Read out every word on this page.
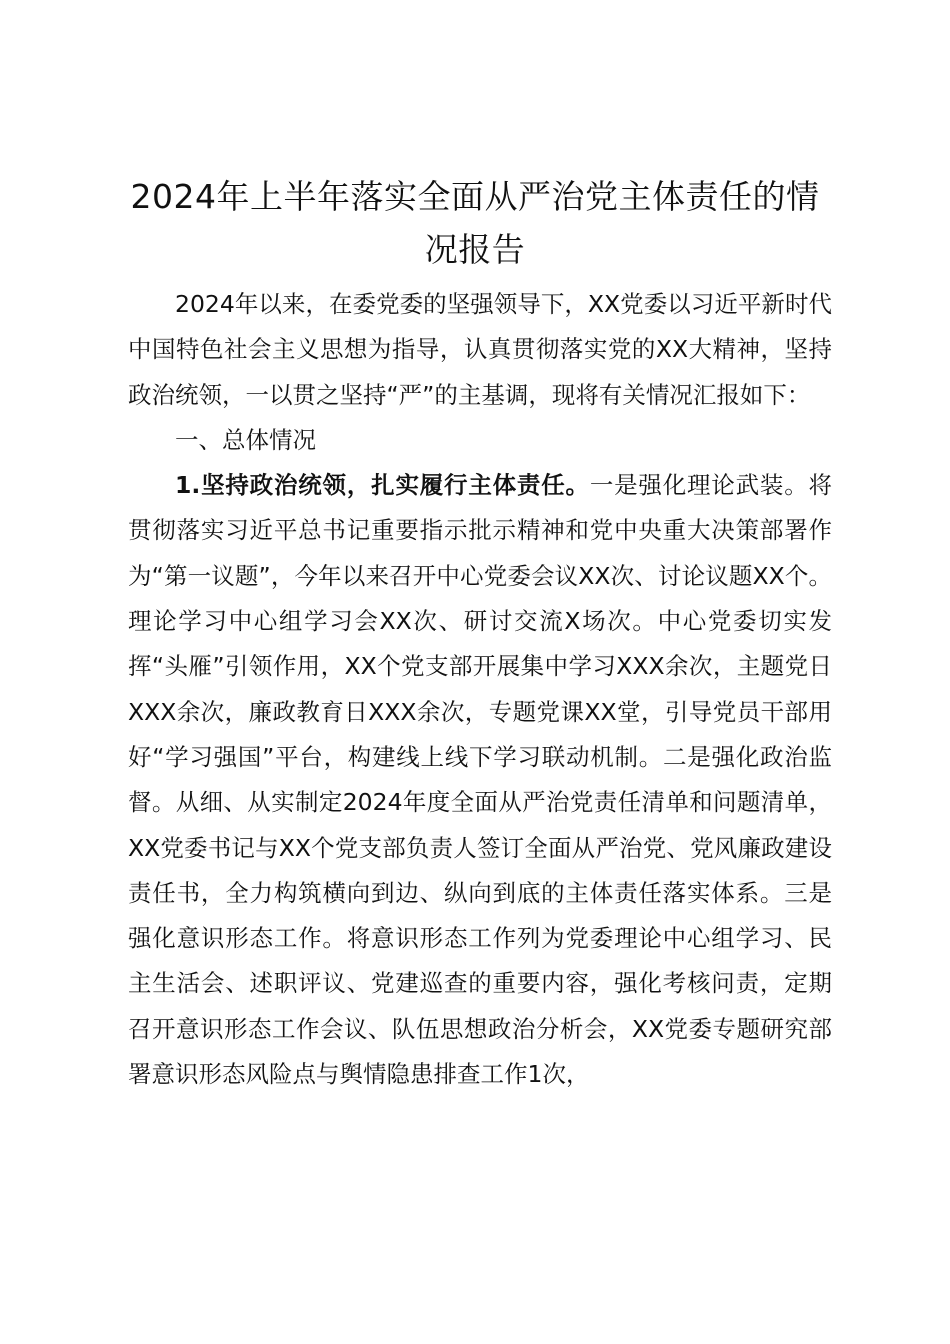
2024年上半年落实全面从严治党主体责任的情况报告

2024年以来，在委党委的坚强领导下，XX党委以习近平新时代中国特色社会主义思想为指导，认真贯彻落实党的XX大精神，坚持政治统领，一以贯之坚持“严”的主基调，现将有关情况汇报如下：

一、总体情况

1.坚持政治统领，扎实履行主体责任。一是强化理论武装。将贯彻落实习近平总书记重要指示批示精神和党中央重大决策部署作为“第一议题”，今年以来召开中心党委会议XX次、讨论议题XX个。理论学习中心组学习会XX次、研讨交流X场次。中心党委切实发挥“头雁”引领作用，XX个党支部开展集中学习XXX余次，主题党日XXX余次，廉政教育日XXX余次，专题党课XX堂，引导党员干部用好“学习强国”平台，构建线上线下学习联动机制。二是强化政治监督。从细、从实制定2024年度全面从严治党责任清单和问题清单，XX党委书记与XX个党支部负责人签订全面从严治党、党风廉政建设责任书，全力构筑横向到边、纵向到底的主体责任落实体系。三是强化意识形态工作。将意识形态工作列为党委理论中心组学习、民主生活会、述职评议、党建巡查的重要内容，强化考核问责，定期召开意识形态工作会议、队伍思想政治分析会，XX党委专题研究部署意识形态风险点与舆情隐患排查工作1次，
